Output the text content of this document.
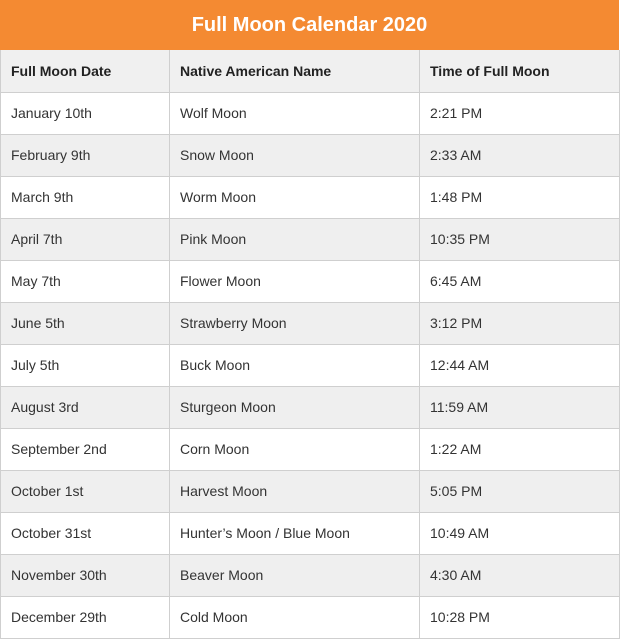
Full Moon Calendar 2020
Full Moon Date	Native American Name	Time of Full Moon
January 10th	Wolf Moon	2:21 PM
February 9th	Snow Moon	2:33 AM
March 9th	Worm Moon	1:48 PM
April 7th	Pink Moon	10:35 PM
May 7th	Flower Moon	6:45 AM
June 5th	Strawberry Moon	3:12 PM
July 5th	Buck Moon	12:44 AM
August 3rd	Sturgeon Moon	11:59 AM
September 2nd	Corn Moon	1:22 AM
October 1st	Harvest Moon	5:05 PM
October 31st	Hunter’s Moon / Blue Moon	10:49 AM
November 30th	Beaver Moon	4:30 AM
December 29th	Cold Moon	10:28 PM
